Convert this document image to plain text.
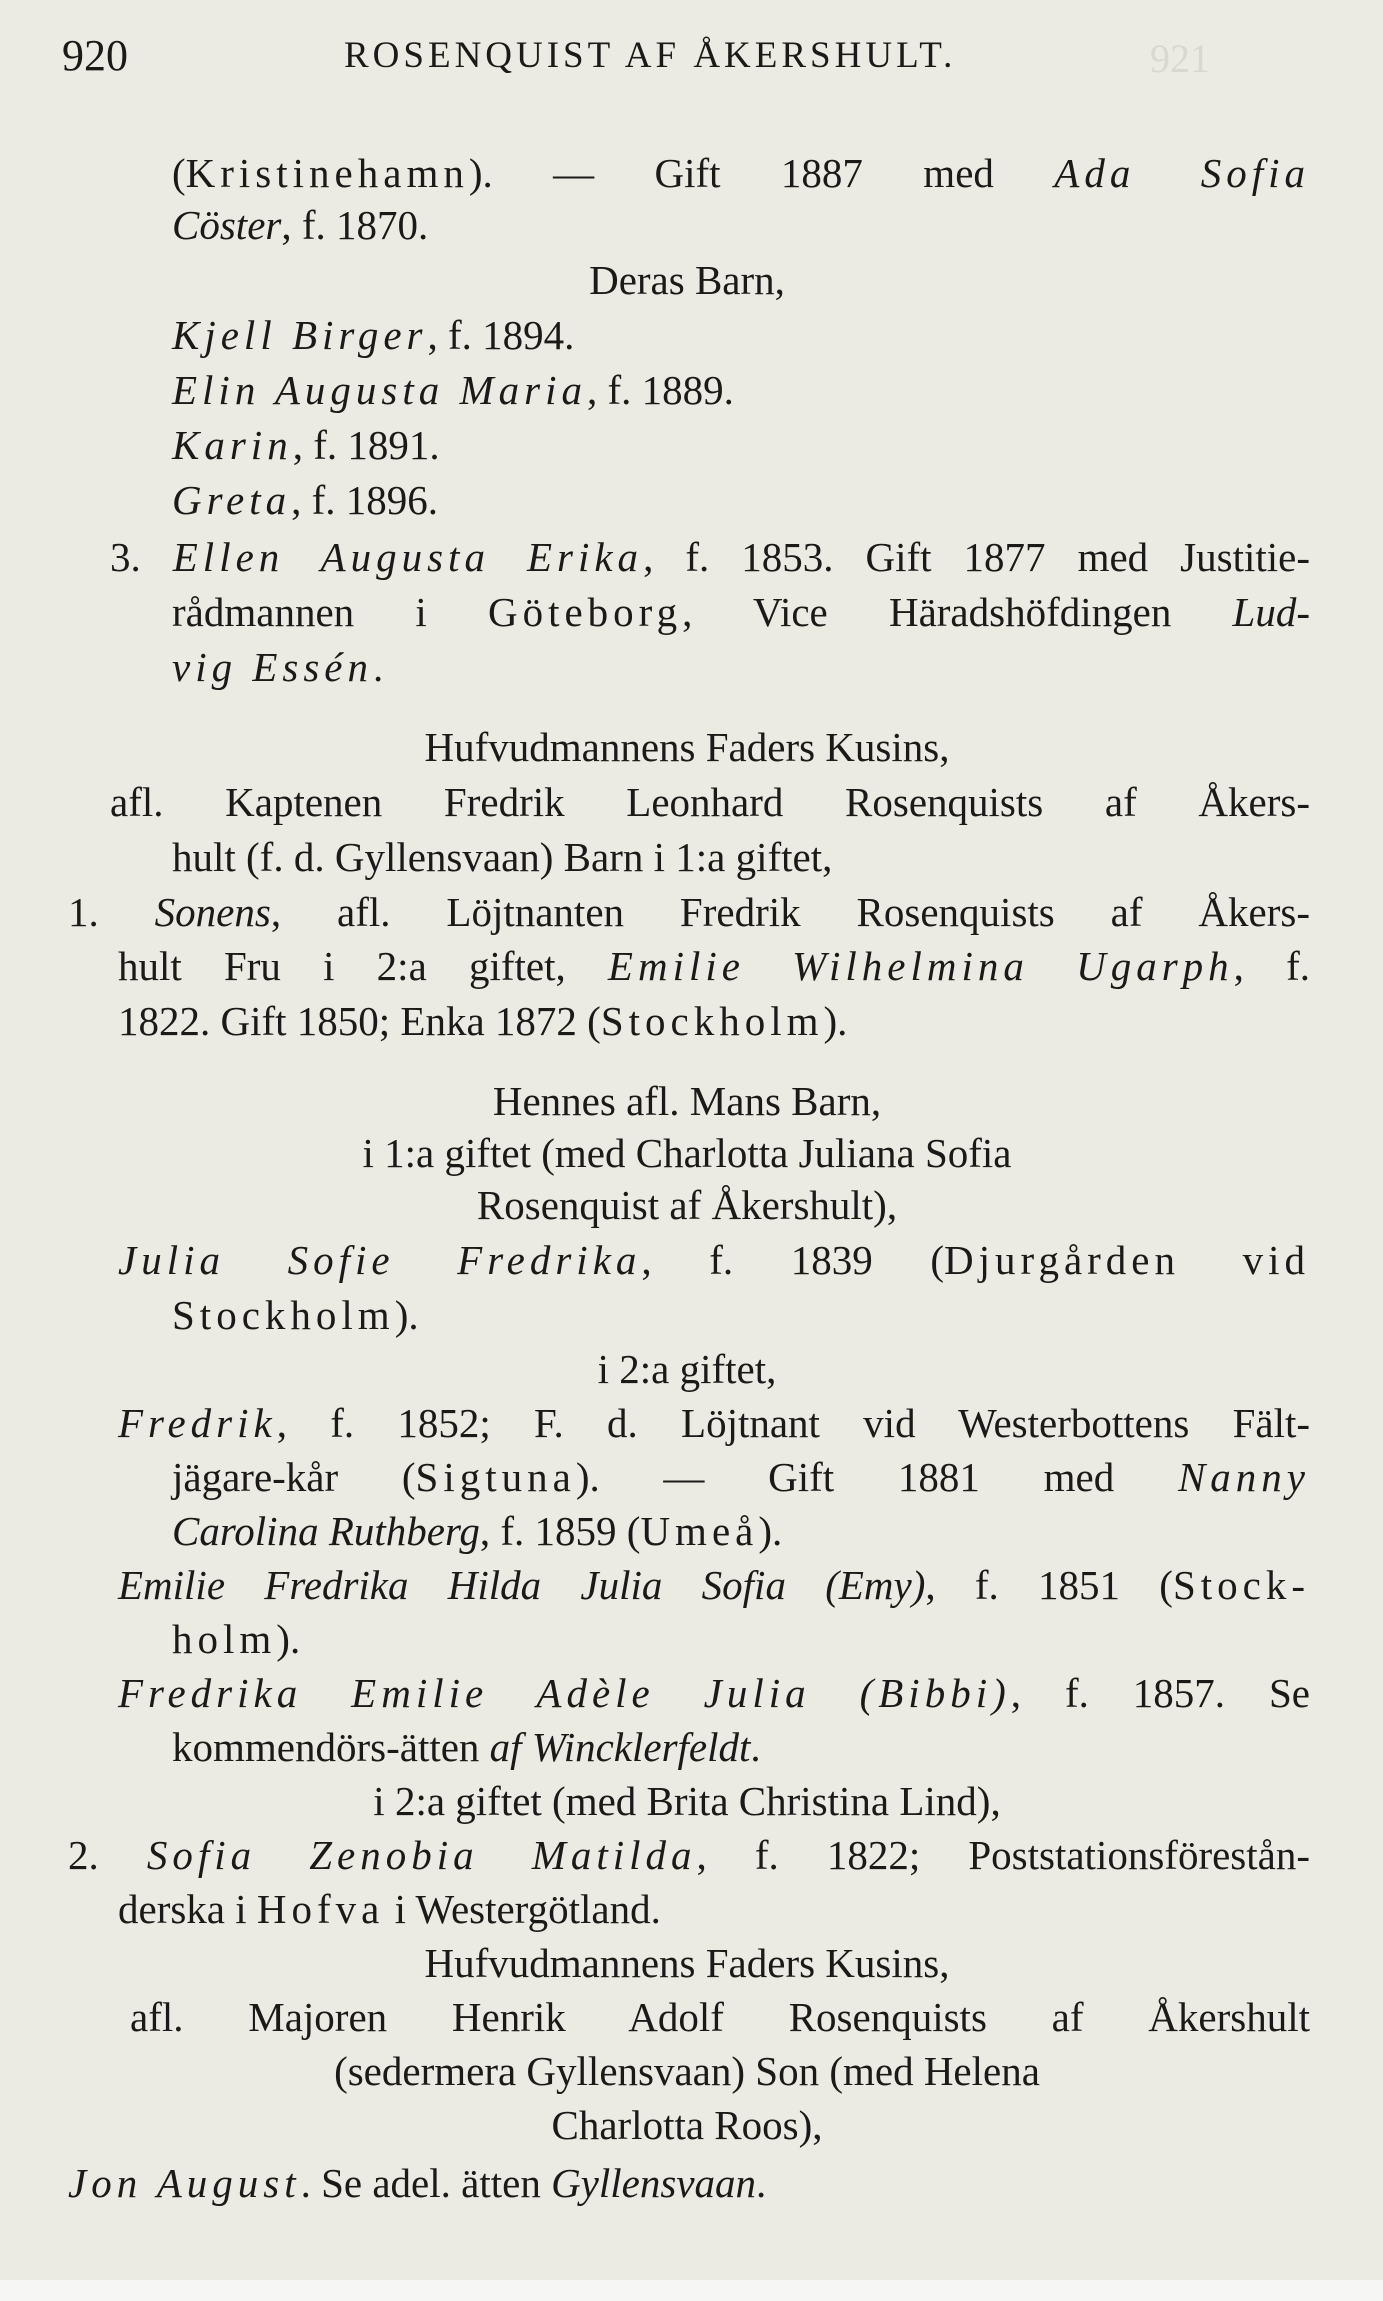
921
920	ROSENQUIST AF ÅKERSHULT.
(Kristinehamn). — Gift 1887 med Ada Sofia
Cöster, f. 1870.
Deras Barn,
Kjell Birger, f. 1894.
Elin Augusta Maria, f. 1889.
Karin, f. 1891.
Greta, f. 1896.
3. Ellen Augusta Erika, f. 1853. Gift 1877 med Justitie-
rådmannen i Göteborg, Vice Häradshöfdingen Lud-
vig Essén.
Hufvudmannens Faders Kusins,
afl. Kaptenen Fredrik Leonhard Rosenquists af Åkers-
hult (f. d. Gyllensvaan) Barn i 1:a giftet,
1. Sonens, afl. Löjtnanten Fredrik Rosenquists af Åkers-
hult Fru i 2:a giftet, Emilie Wilhelmina Ugarph, f.
1822. Gift 1850; Enka 1872 (Stockholm).
Hennes afl. Mans Barn,
i 1:a giftet (med Charlotta Juliana Sofia
Rosenquist af Åkershult),
Julia Sofie Fredrika, f. 1839 (Djurgården vid
Stockholm).
i 2:a giftet,
Fredrik, f. 1852; F. d. Löjtnant vid Westerbottens Fält-
jägare-kår (Sigtuna). — Gift 1881 med Nanny
Carolina Ruthberg, f. 1859 (Umeå).
Emilie Fredrika Hilda Julia Sofia (Emy), f. 1851 (Stock-
holm).
Fredrika Emilie Adèle Julia (Bibbi), f. 1857. Se
kommendörs-ätten af Wincklerfeldt.
i 2:a giftet (med Brita Christina Lind),
2. Sofia Zenobia Matilda, f. 1822; Poststationsförestån-
derska i Hofva i Westergötland.
Hufvudmannens Faders Kusins,
afl. Majoren Henrik Adolf Rosenquists af Åkershult
(sedermera Gyllensvaan) Son (med Helena
Charlotta Roos),
Jon August. Se adel. ätten Gyllensvaan.
